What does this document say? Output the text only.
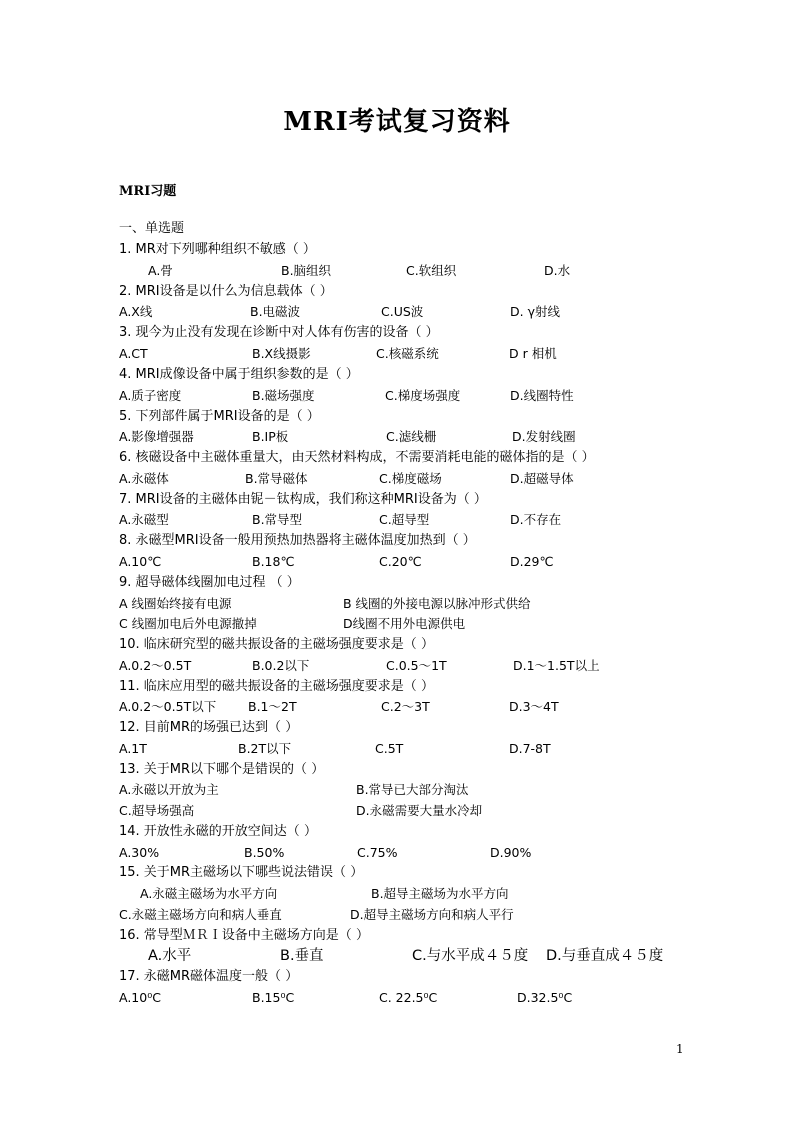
MRI考试复习资料
MRI习题
一、单选题
1. MR对下列哪种组织不敏感（ ）
A.骨	B.脑组织	C.软组织	D.水
2. MRI设备是以什么为信息载体（ ）
A.X线	B.电磁波	C.US波	D. γ射线
3. 现今为止没有发现在诊断中对人体有伤害的设备（ ）
A.CT	B.X线摄影	C.核磁系统	D r 相机
4. MRI成像设备中属于组织参数的是（ ）
A.质子密度	B.磁场强度	C.梯度场强度	D.线圈特性
5. 下列部件属于MRI设备的是（ ）
A.影像增强器	B.IP板	C.滤线栅	D.发射线圈
6. 核磁设备中主磁体重量大，由天然材料构成，不需要消耗电能的磁体指的是（ ）
A.永磁体	B.常导磁体	C.梯度磁场	D.超磁导体
7. MRI设备的主磁体由铌－钛构成，我们称这种MRI设备为（ ）
A.永磁型	B.常导型	C.超导型	D.不存在
8. 永磁型MRI设备一般用预热加热器将主磁体温度加热到（ ）
A.10℃	B.18℃	C.20℃	D.29℃
9. 超导磁体线圈加电过程 （ ）
A 线圈始终接有电源	B 线圈的外接电源以脉冲形式供给
C 线圈加电后外电源撤掉	D线圈不用外电源供电
10. 临床研究型的磁共振设备的主磁场强度要求是（ ）
A.0.2～0.5T	B.0.2以下	C.0.5～1T	D.1～1.5T以上
11. 临床应用型的磁共振设备的主磁场强度要求是（ ）
A.0.2～0.5T以下	B.1～2T	C.2～3T	D.3～4T
12. 目前MR的场强已达到（ ）
A.1T	B.2T以下	C.5T	D.7-8T
13. 关于MR以下哪个是错误的（ ）
A.永磁以开放为主	B.常导已大部分淘汰
C.超导场强高	D.永磁需要大量水冷却
14. 开放性永磁的开放空间达（ ）
A.30%	B.50%	C.75%	D.90%
15. 关于MR主磁场以下哪些说法错误（ ）
A.永磁主磁场为水平方向	B.超导主磁场为水平方向
C.永磁主磁场方向和病人垂直	D.超导主磁场方向和病人平行
16. 常导型ＭＲＩ设备中主磁场方向是（ ）
A.水平	B.垂直	C.与水平成４５度 D.与垂直成４５度
17. 永磁MR磁体温度一般（ ）
A.10⁰C	B.15⁰C	C. 22.5⁰C	D.32.5⁰C
1
